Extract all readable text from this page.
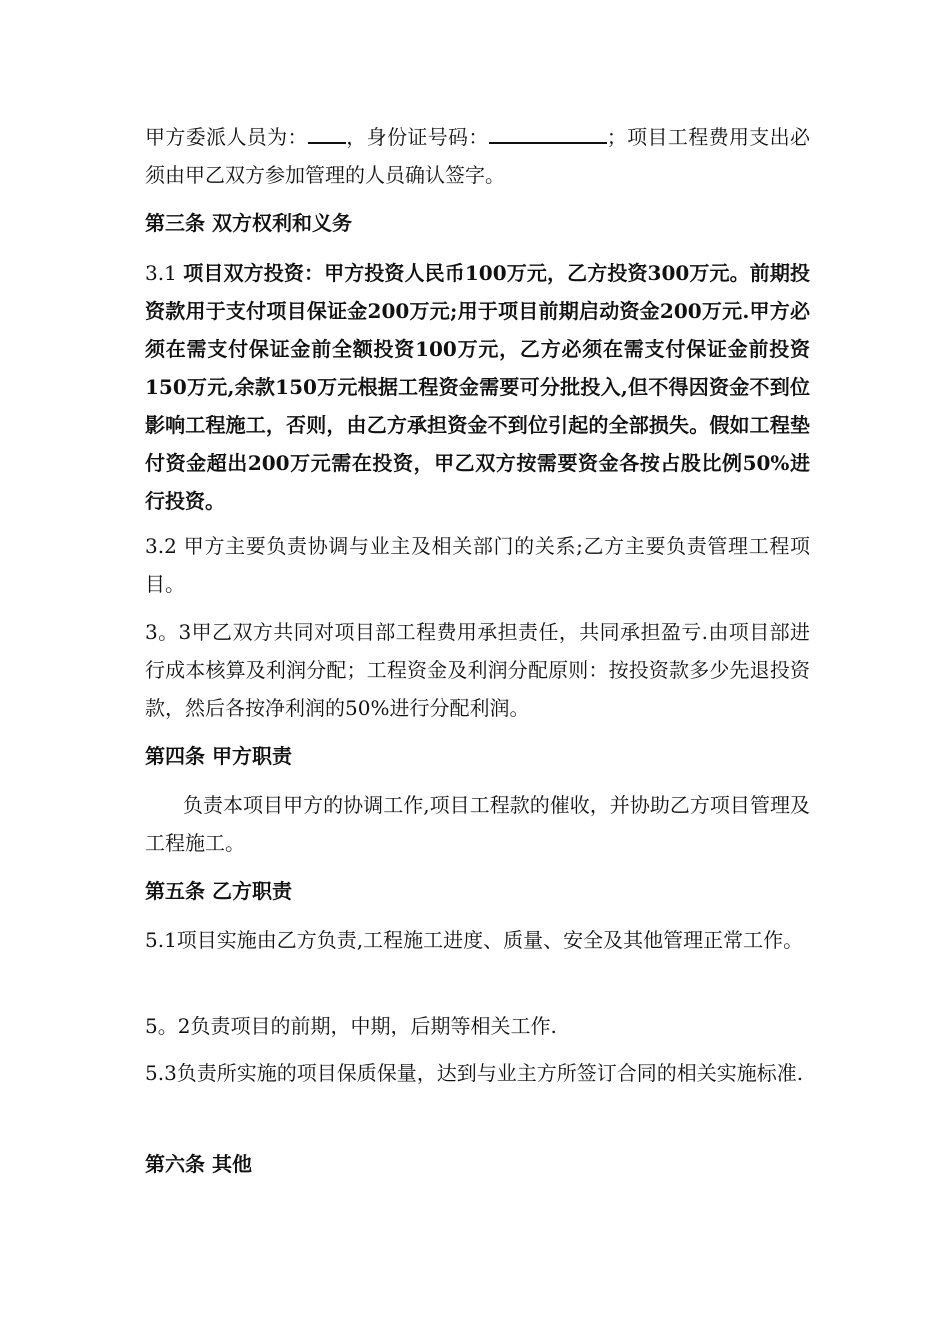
甲方委派人员为： ，身份证号码：	；项目工程费用支出必须由甲乙双方参加管理的人员确认签字。

第三条 双方权利和义务

3.1 项目双方投资：甲方投资人民币100万元，乙方投资300万元。前期投资款用于支付项目保证金200万元;用于项目前期启动资金200万元.甲方必须在需支付保证金前全额投资100万元，乙方必须在需支付保证金前投资150万元,余款150万元根据工程资金需要可分批投入,但不得因资金不到位影响工程施工，否则，由乙方承担资金不到位引起的全部损失。假如工程垫付资金超出200万元需在投资，甲乙双方按需要资金各按占股比例50%进行投资。

3.2 甲方主要负责协调与业主及相关部门的关系;乙方主要负责管理工程项目。

3。3甲乙双方共同对项目部工程费用承担责任，共同承担盈亏.由项目部进行成本核算及利润分配；工程资金及利润分配原则：按投资款多少先退投资款，然后各按净利润的50%进行分配利润。

第四条 甲方职责

负责本项目甲方的协调工作,项目工程款的催收，并协助乙方项目管理及工程施工。

第五条 乙方职责

5.1项目实施由乙方负责,工程施工进度、质量、安全及其他管理正常工作。

5。2负责项目的前期，中期，后期等相关工作.

5.3负责所实施的项目保质保量，达到与业主方所签订合同的相关实施标准.

第六条 其他
